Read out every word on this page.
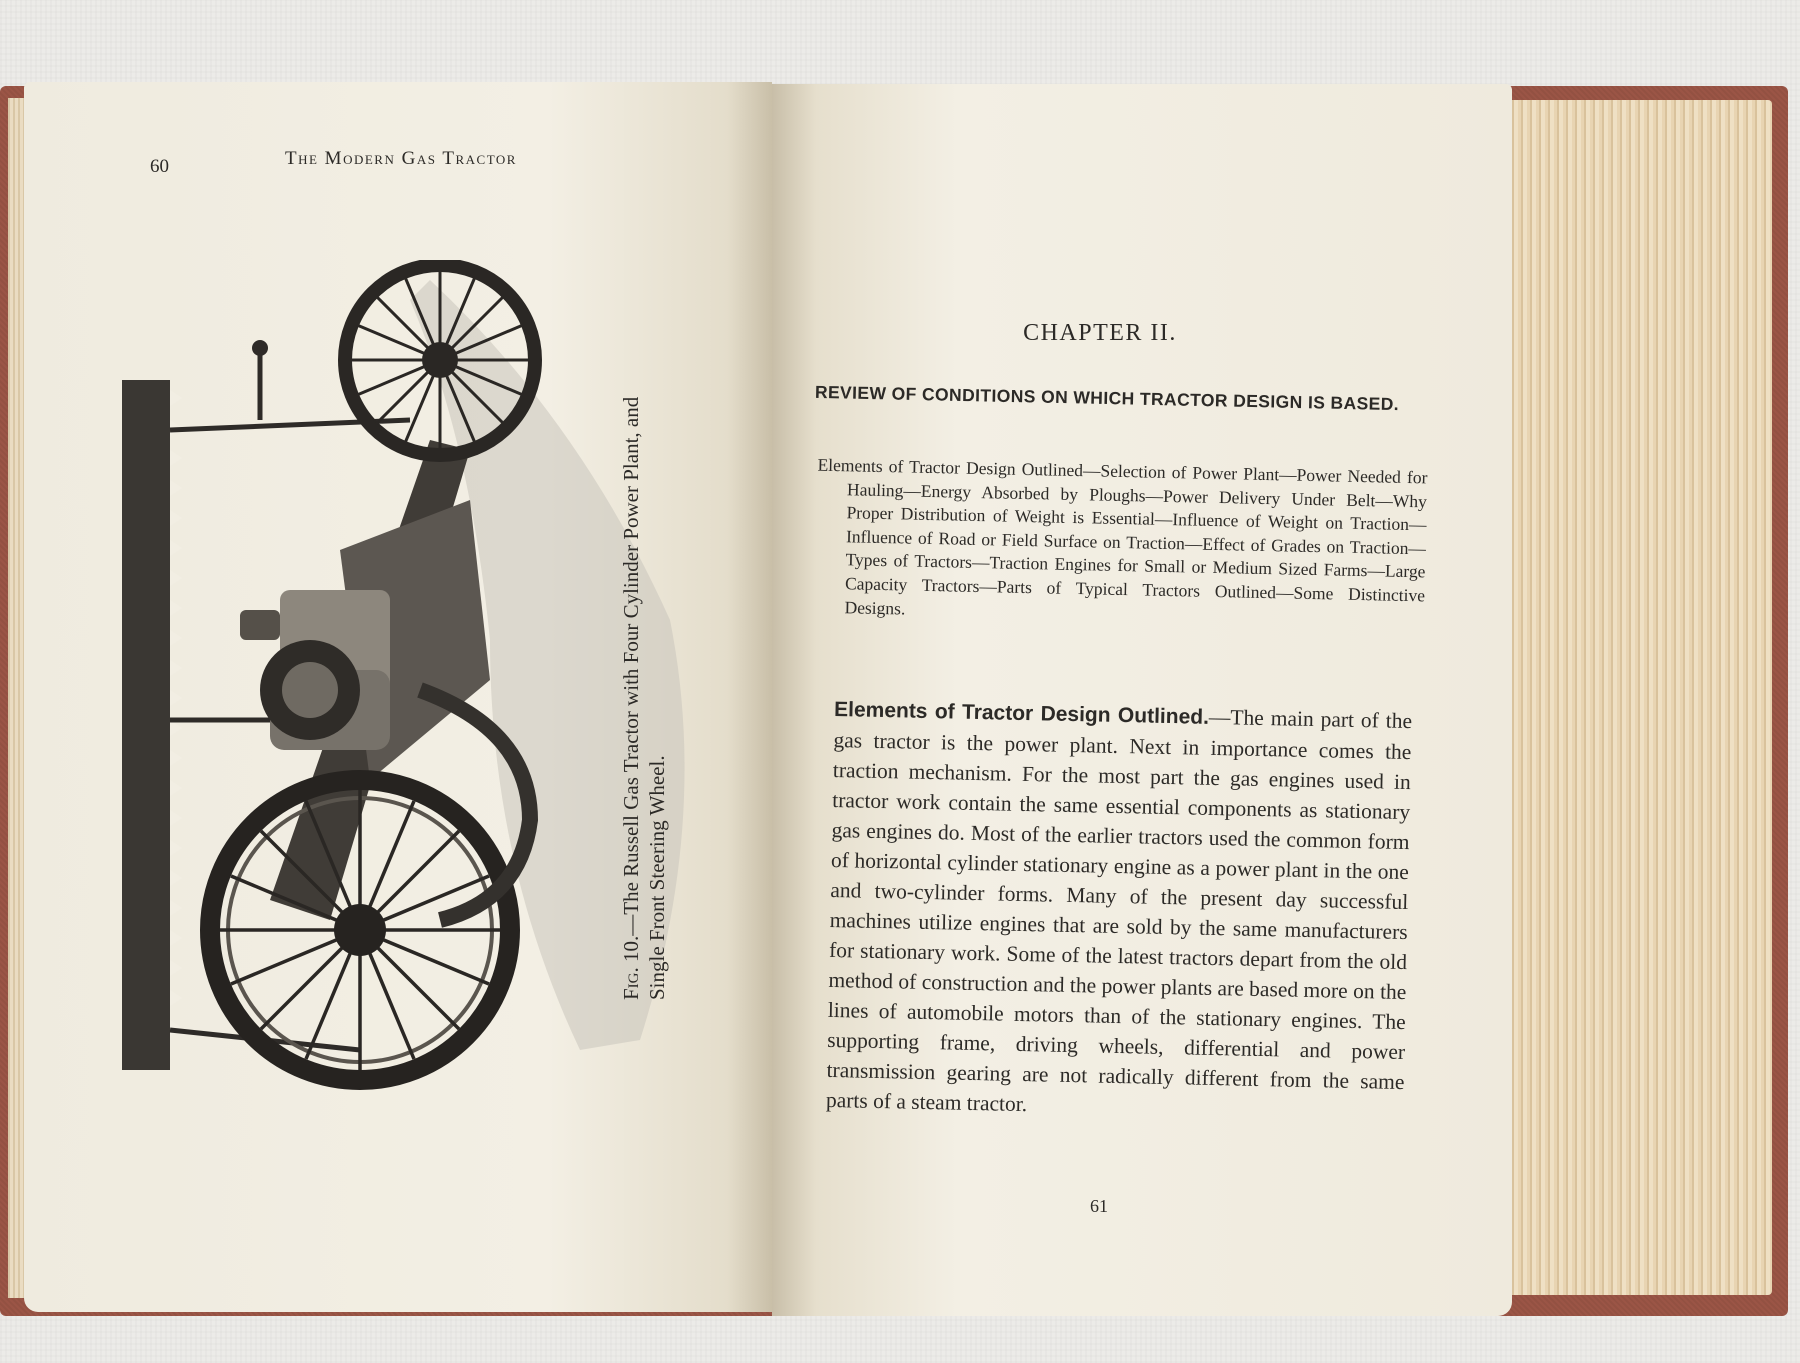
60	The Modern Gas Tractor
Fig. 10.—The Russell Gas Tractor with Four Cylinder Power Plant, and Single Front Steering Wheel.
CHAPTER II.
REVIEW OF CONDITIONS ON WHICH TRACTOR DESIGN IS BASED.
Elements of Tractor Design Outlined—Selection of Power Plant—Power Needed for Hauling—Energy Absorbed by Ploughs—Power Delivery Under Belt—Why Proper Distribution of Weight is Essential—Influence of Weight on Traction—Influence of Road or Field Surface on Traction—Effect of Grades on Traction—Types of Tractors—Traction Engines for Small or Medium Sized Farms—Large Capacity Tractors—Parts of Typical Tractors Outlined—Some Distinctive Designs.
Elements of Tractor Design Outlined.—The main part of the gas tractor is the power plant. Next in importance comes the traction mechanism. For the most part the gas engines used in tractor work contain the same essential components as stationary gas engines do. Most of the earlier tractors used the common form of horizontal cylinder stationary engine as a power plant in the one and two-cylinder forms. Many of the present day successful machines utilize engines that are sold by the same manufacturers for stationary work. Some of the latest tractors depart from the old method of construction and the power plants are based more on the lines of automobile motors than of the stationary engines. The supporting frame, driving wheels, differential and power transmission gearing are not radically different from the same parts of a steam tractor.
61
